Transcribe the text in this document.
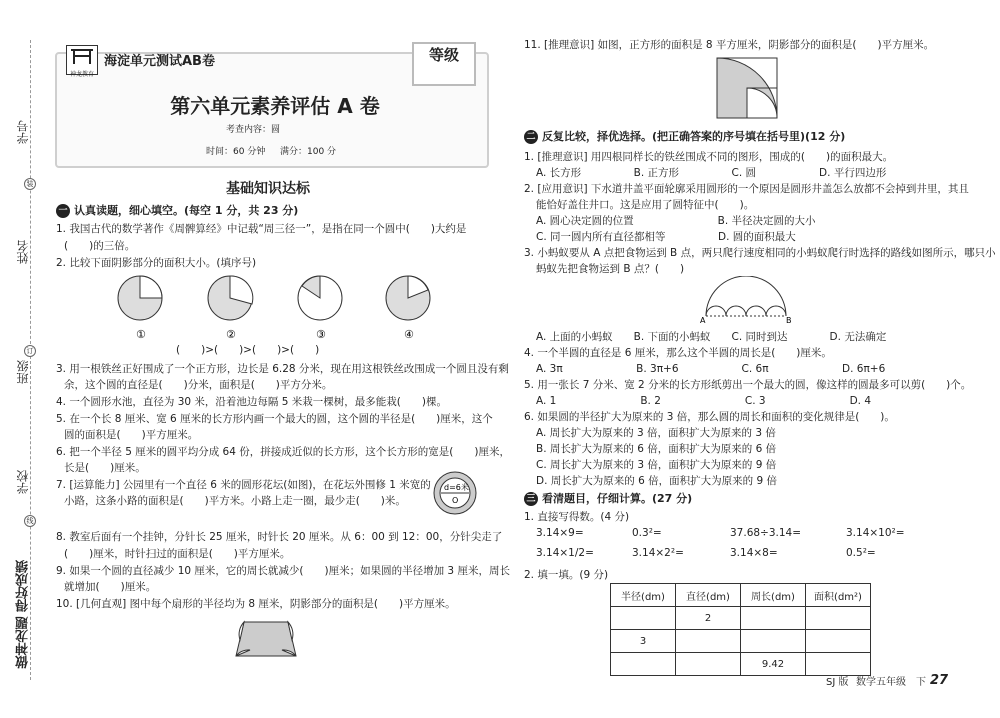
学号
姓名
班级
学校
装
订
线
做神龙题 得好成绩
神龙教育
海淀单元测试AB卷	等级
第六单元素养评估 A 卷
考查内容：圆
时间：60 分钟 满分：100 分
基础知识达标
一 认真读题，细心填空。(每空 1 分，共 23 分)
1. 我国古代的数学著作《周髀算经》中记载“周三径一”，是指在同一个圆中(　　)大约是
(　　)的三倍。
2. 比较下面阴影部分的面积大小。(填序号)
①	②	③	④
(　　)>(　　)>(　　)>(　　)
3. 用一根铁丝正好围成了一个正方形，边长是 6.28 分米，现在用这根铁丝改围成一个圆且没有剩
余，这个圆的直径是(　　)分米，面积是(　　)平方分米。
4. 一个圆形水池，直径为 30 米，沿着池边每隔 5 米栽一棵树，最多能栽(　　)棵。
5. 在一个长 8 厘米、宽 6 厘米的长方形内画一个最大的圆，这个圆的半径是(　　)厘米，这个
圆的面积是(　　)平方厘米。
6. 把一个半径 5 厘米的圆平均分成 64 份，拼接成近似的长方形，这个长方形的宽是(　　)厘米，
长是(　　)厘米。
7. [运算能力] 公园里有一个直径 6 米的圆形花坛(如图)，在花坛外围修 1 米宽的
小路，这条小路的面积是(　　)平方米。小路上走一圈，最少走(　　)米。
d=6米
O
8. 教室后面有一个挂钟，分针长 25 厘米，时针长 20 厘米。从 6：00 到 12：00，分针尖走了
(　　)厘米，时针扫过的面积是(　　)平方厘米。
9. 如果一个圆的直径减少 10 厘米，它的周长就减少(　　)厘米；如果圆的半径增加 3 厘米，周长
就增加(　　)厘米。
10. [几何直观] 图中每个扇形的半径均为 8 厘米，阴影部分的面积是(　　)平方厘米。
11. [推理意识] 如图，正方形的面积是 8 平方厘米，阴影部分的面积是(　　)平方厘米。
二 反复比较，择优选择。(把正确答案的序号填在括号里)(12 分)
1. [推理意识] 用四根同样长的铁丝围成不同的图形，围成的(　　)的面积最大。
A. 长方形　　　　　B. 正方形　　　　　C. 圆　　　　　　D. 平行四边形
2. [应用意识] 下水道井盖平面轮廓采用圆形的一个原因是圆形井盖怎么放都不会掉到井里，其且
能恰好盖住井口。这是应用了圆特征中(　　)。
A. 圆心决定圆的位置　　　　　　　　B. 半径决定圆的大小
C. 同一圆内所有直径都相等　　　　　D. 圆的面积最大
3. 小蚂蚁要从 A 点把食物运到 B 点，两只爬行速度相同的小蚂蚁爬行时选择的路线如图所示，哪只小
蚂蚁先把食物运到 B 点？(　　)
A	B
A. 上面的小蚂蚁　　B. 下面的小蚂蚁　　C. 同时到达　　　　D. 无法确定
4. 一个半圆的直径是 6 厘米，那么这个半圆的周长是(　　)厘米。
A. 3π　　　　　　　B. 3π+6　　　　　　C. 6π　　　　　　　D. 6π+6
5. 用一张长 7 分米、宽 2 分米的长方形纸剪出一个最大的圆，像这样的圆最多可以剪(　　)个。
A. 1　　　　　　　　B. 2　　　　　　　　C. 3　　　　　　　　D. 4
6. 如果圆的半径扩大为原来的 3 倍，那么圆的周长和面积的变化规律是(　　)。
A. 周长扩大为原来的 3 倍，面积扩大为原来的 3 倍
B. 周长扩大为原来的 6 倍，面积扩大为原来的 6 倍
C. 周长扩大为原来的 3 倍，面积扩大为原来的 9 倍
D. 周长扩大为原来的 6 倍，面积扩大为原来的 9 倍
三 看清题目，仔细计算。(27 分)
1. 直接写得数。(4 分)
3.14×9=	0.3²=	37.68÷3.14=	3.14×10²=
3.14×1/2=	3.14×2²=	3.14×8=	0.5²=
2. 填一填。(9 分)
半径(dm)	直径(dm)	周长(dm)	面积(dm²)
	2		
3			
		9.42	
SJ 版 数学五年级　下 27
